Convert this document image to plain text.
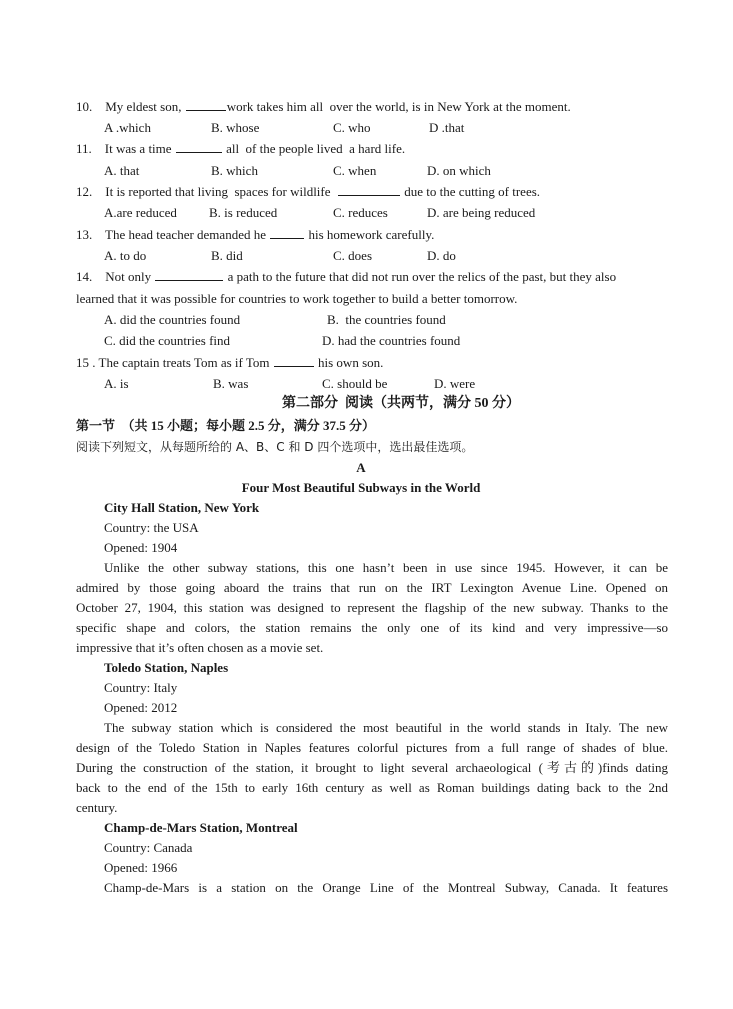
10.    My eldest son,	work takes him all  over the world, is in New York at the moment.
A .which	B. whose	C. who	D .that
11.    It was a time	all  of the people lived  a hard life.
A. that	B. which	C. when	D. on which
12.    It is reported that living  spaces for wildlife	due to the cutting of trees.
A.are reduced B. is reduced	C. reduces	D. are being reduced
13.    The head teacher demanded he	his homework carefully.
A. to do	B. did	C. does	D. do
14.    Not only	a path to the future that did not run over the relics of the past, but they also
learned that it was possible for countries to work together to build a better tomorrow.
A. did the countries found	B.  the countries found
C. did the countries find	D. had the countries found
15 . The captain treats Tom as if Tom	his own son.
A. is	B. was	C. should be	D. were
第二部分  阅读（共两节，满分 50 分）
第一节  （共 15 小题；每小题 2.5 分，满分 37.5 分）
阅读下列短文，从每题所给的 A、B、C 和 D 四个选项中，选出最佳选项。
A
Four Most Beautiful Subways in the World
City Hall Station, New York
Country: the USA
Opened: 1904
Unlike the other subway stations, this one hasn’t been in use since 1945. However, it can be
admired by those going aboard the trains that run on the IRT Lexington Avenue Line. Opened on
October 27, 1904, this station was designed to represent the flagship of the new subway. Thanks to the
specific shape and colors, the station remains the only one of its kind and very impressive—so
impressive that it’s often chosen as a movie set.
Toledo Station, Naples
Country: Italy
Opened: 2012
The subway station which is considered the most beautiful in the world stands in Italy. The new
design of the Toledo Station in Naples features colorful pictures from a full range of shades of blue.
During the construction of the station, it brought to light several archaeological (考古的)finds dating
back to the end of the 15th to early 16th century as well as Roman buildings dating back to the 2nd
century.
Champ-de-Mars Station, Montreal
Country: Canada
Opened: 1966
Champ-de-Mars is a station on the Orange Line of the Montreal Subway, Canada. It features
